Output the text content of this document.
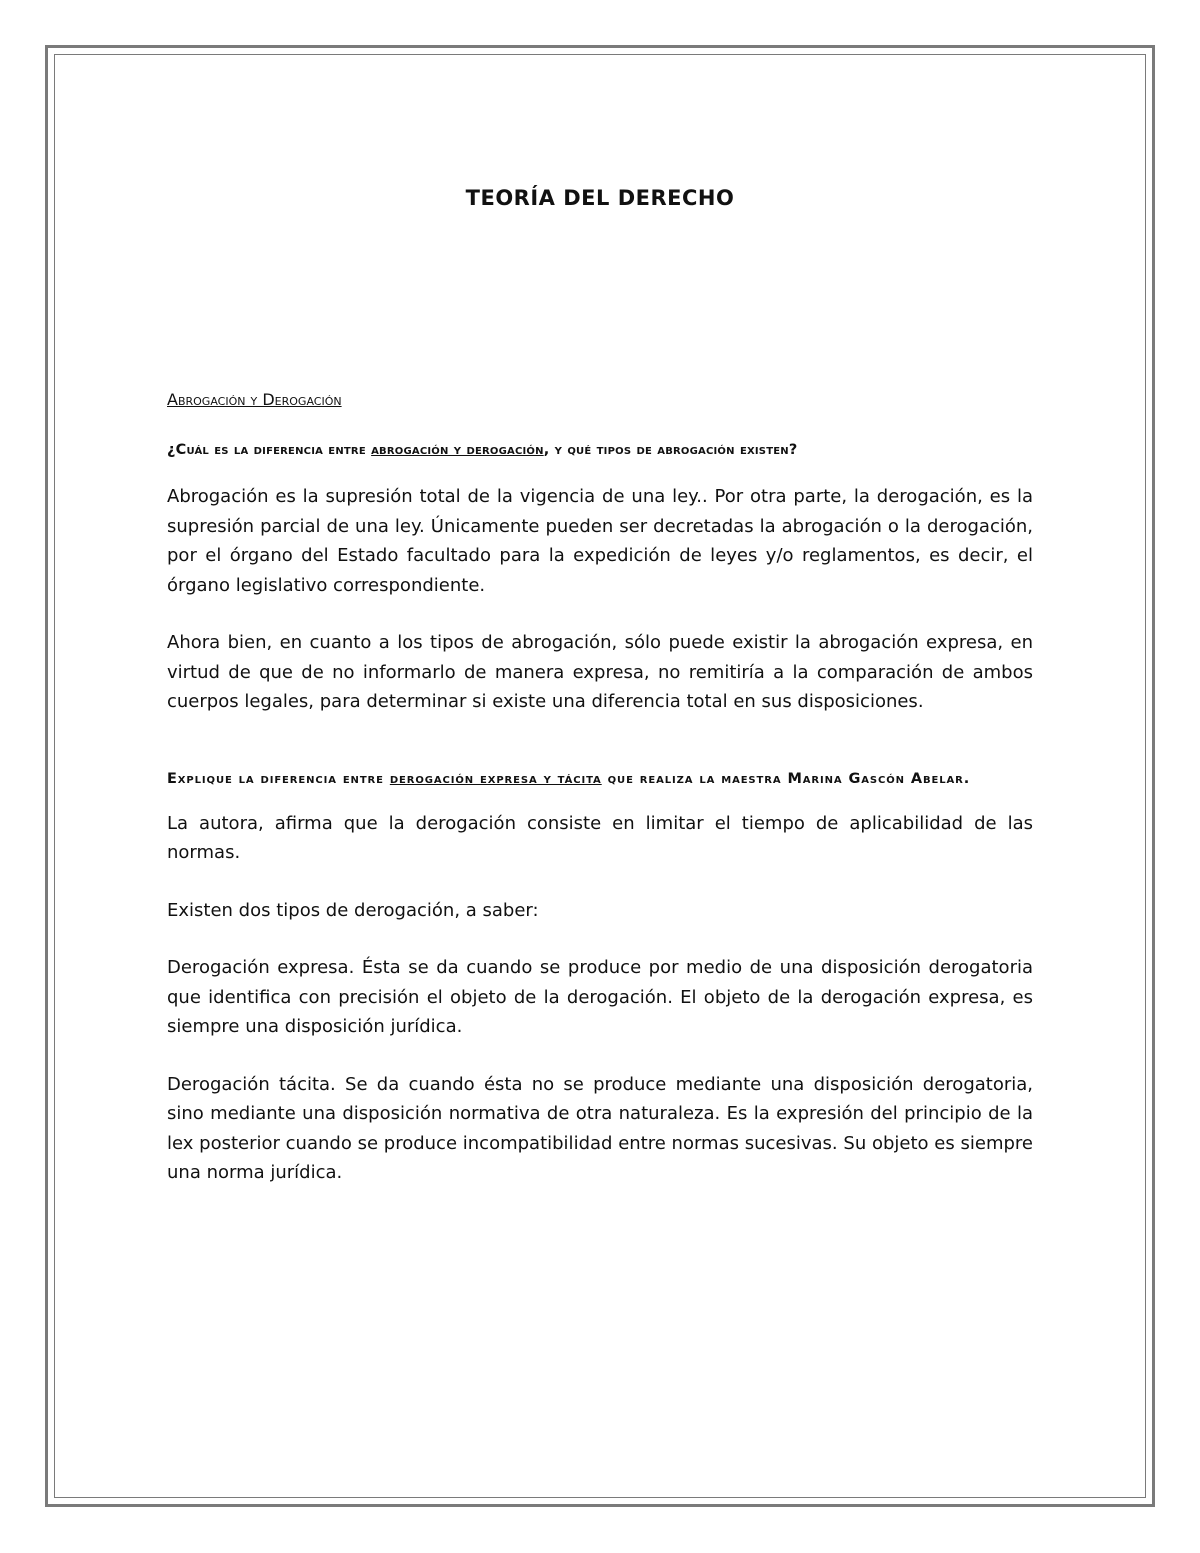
TEORÍA DEL DERECHO
Abrogación y Derogación
¿Cuál es la diferencia entre abrogación y derogación, y qué tipos de abrogación existen?

Abrogación es la supresión total de la vigencia de una ley.. Por otra parte, la derogación, es la supresión parcial de una ley. Únicamente pueden ser decretadas la abrogación o la derogación, por el órgano del Estado facultado para la expedición de leyes y/o reglamentos, es decir, el órgano legislativo correspondiente.

Ahora bien, en cuanto a los tipos de abrogación, sólo puede existir la abrogación expresa, en virtud de que de no informarlo de manera expresa, no remitiría a la comparación de ambos cuerpos legales, para determinar si existe una diferencia total en sus disposiciones.

Explique la diferencia entre derogación expresa y tácita que realiza la maestra Marina Gascón Abelar.

La autora, afirma que la derogación consiste en limitar el tiempo de aplicabilidad de las normas.

Existen dos tipos de derogación, a saber:

Derogación expresa. Ésta se da cuando se produce por medio de una disposición derogatoria que identifica con precisión el objeto de la derogación. El objeto de la derogación expresa, es siempre una disposición jurídica.

Derogación tácita. Se da cuando ésta no se produce mediante una disposición derogatoria, sino mediante una disposición normativa de otra naturaleza. Es la expresión del principio de la lex posterior cuando se produce incompatibilidad entre normas sucesivas. Su objeto es siempre una norma jurídica.
